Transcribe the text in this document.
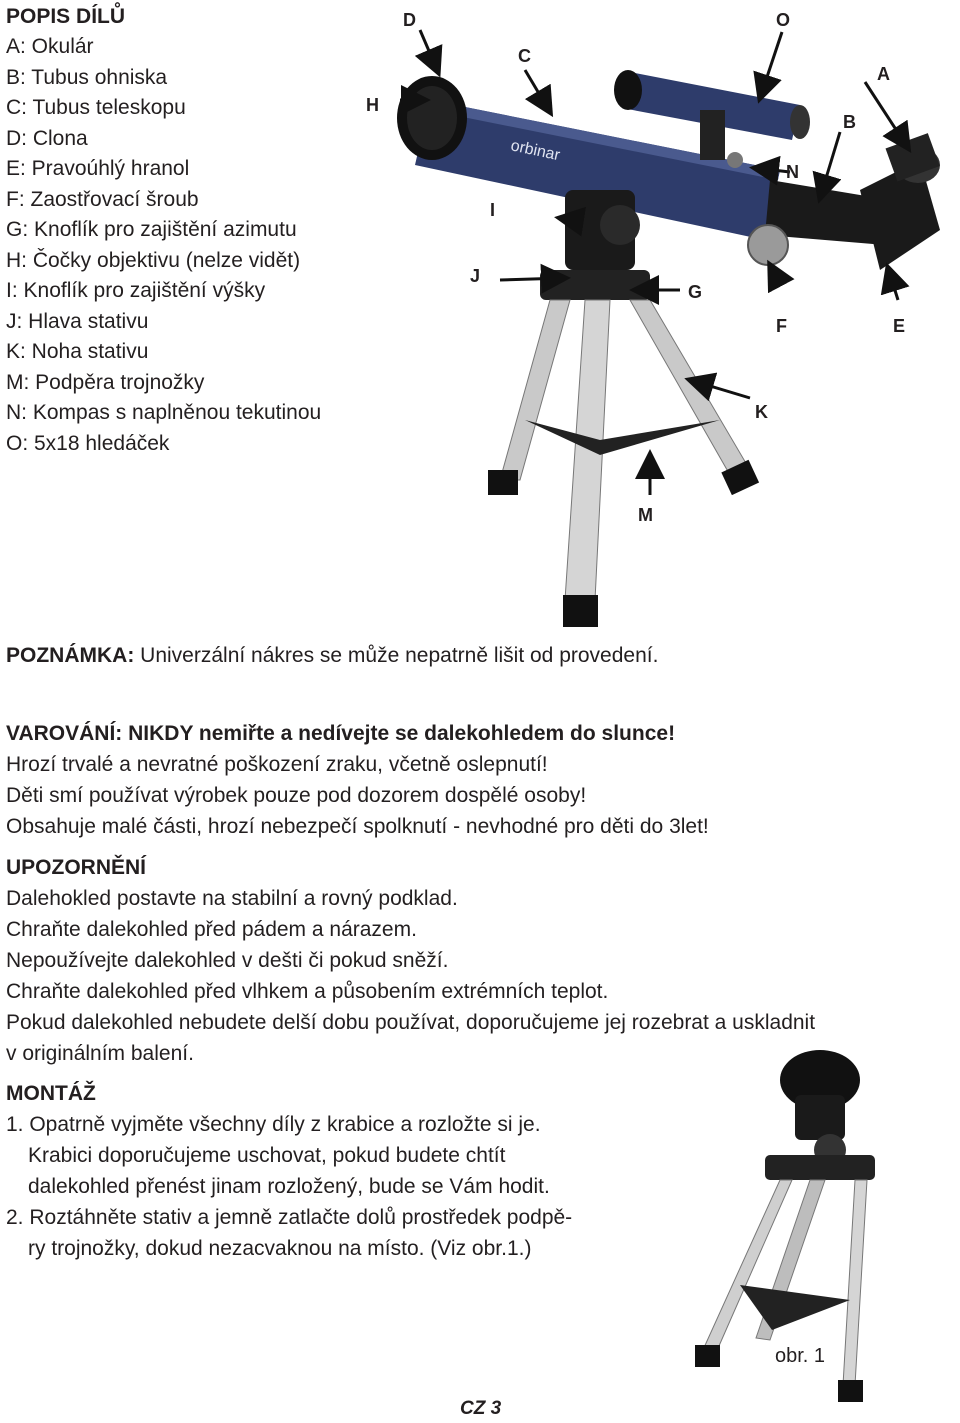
POPIS DÍLŮ
A: Okulár
B: Tubus ohniska
C: Tubus teleskopu
D: Clona
E: Pravoúhlý hranol
F: Zaostřovací šroub
G: Knoflík pro zajištění azimutu
H: Čočky objektivu (nelze vidět)
I: Knoflík pro zajištění výšky
J: Hlava stativu
K: Noha stativu
M: Podpěra trojnožky
N: Kompas s naplněnou tekutinou
O: 5x18 hledáček
orbinar
D	O
C
A
H
B
N
I
J
G
F	E
K
M
POZNÁMKA: Univerzální nákres se může nepatrně lišit od provedení.
VAROVÁNÍ: NIKDY nemiřte a nedívejte se dalekohledem do slunce!
Hrozí trvalé a nevratné poškození zraku, včetně oslepnutí!
Děti smí používat výrobek pouze pod dozorem dospělé osoby!
Obsahuje malé části, hrozí nebezpečí spolknutí - nevhodné pro děti do 3let!
UPOZORNĚNÍ
Dalehokled postavte na stabilní a rovný podklad.
Chraňte dalekohled před pádem a nárazem.
Nepoužívejte dalekohled v dešti či pokud sněží.
Chraňte dalekohled před vlhkem a působením extrémních teplot.
Pokud dalekohled nebudete delší dobu používat, doporučujeme jej rozebrat a uskladnit
v originálním balení.
MONTÁŽ
1. Opatrně vyjměte všechny díly z krabice a rozložte si je.
Krabici doporučujeme uschovat, pokud budete chtít
dalekohled přenést jinam rozložený, bude se Vám hodit.
2. Roztáhněte stativ a jemně zatlačte dolů prostředek podpě-
ry trojnožky, dokud nezacvaknou na místo. (Viz obr.1.)
obr. 1
CZ 3
